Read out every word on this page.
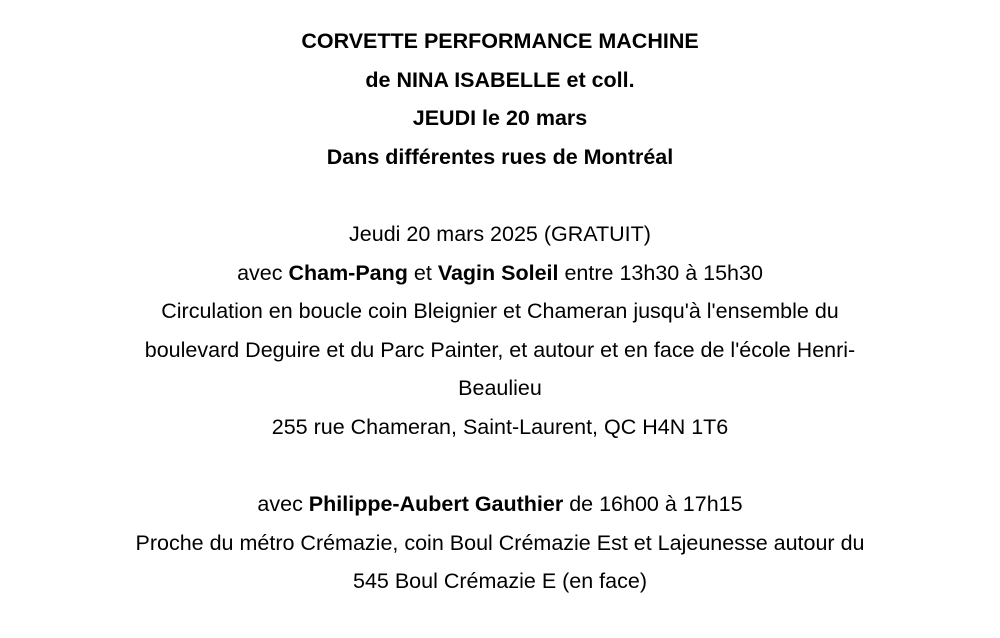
CORVETTE PERFORMANCE MACHINE
de NINA ISABELLE et coll.
JEUDI le 20 mars
Dans différentes rues de Montréal
Jeudi 20 mars 2025 (GRATUIT)
avec Cham-Pang et Vagin Soleil entre 13h30 à 15h30
Circulation en boucle coin Bleignier et Chameran jusqu'à l'ensemble du
boulevard Deguire et du Parc Painter, et autour et en face de l'école Henri-
Beaulieu
255 rue Chameran, Saint-Laurent, QC H4N 1T6
avec Philippe-Aubert Gauthier de 16h00 à 17h15
Proche du métro Crémazie, coin Boul Crémazie Est et Lajeunesse autour du
545 Boul Crémazie E (en face)
